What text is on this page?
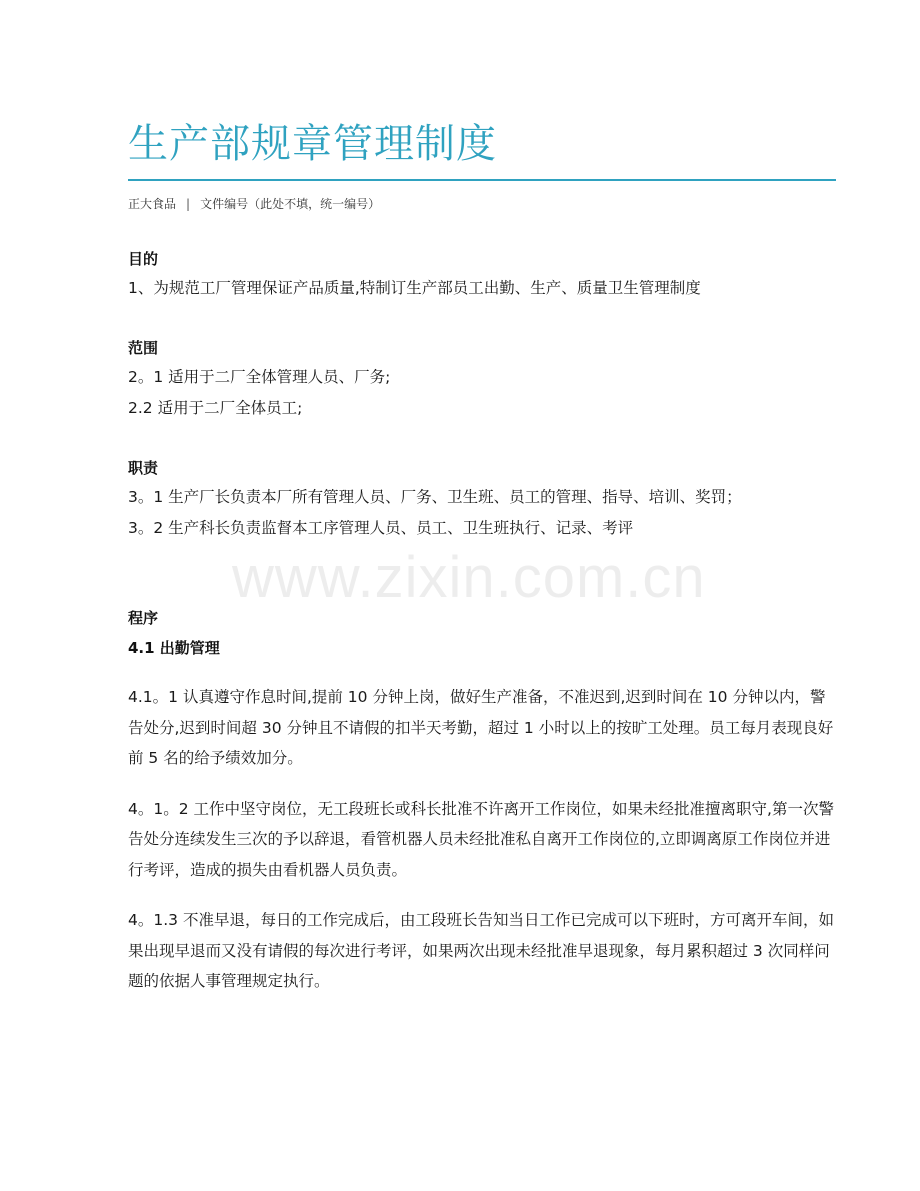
生产部规章管理制度
正大食品 | 文件编号（此处不填，统一编号）

目的

1、为规范工厂管理保证产品质量,特制订生产部员工出勤、生产、质量卫生管理制度

范围

2。1 适用于二厂全体管理人员、厂务;

2.2 适用于二厂全体员工;

职责

3。1 生产厂长负责本厂所有管理人员、厂务、卫生班、员工的管理、指导、培训、奖罚；

3。2 生产科长负责监督本工序管理人员、员工、卫生班执行、记录、考评

程序

4.1 出勤管理

4.1。1 认真遵守作息时间,提前 10 分钟上岗，做好生产准备，不准迟到,迟到时间在 10 分钟以内，警告处分,迟到时间超 30 分钟且不请假的扣半天考勤，超过 1 小时以上的按旷工处理。员工每月表现良好前 5 名的给予绩效加分。

4。1。2 工作中坚守岗位，无工段班长或科长批准不许离开工作岗位，如果未经批准擅离职守,第一次警告处分连续发生三次的予以辞退，看管机器人员未经批准私自离开工作岗位的,立即调离原工作岗位并进行考评，造成的损失由看机器人员负责。

4。1.3 不准早退，每日的工作完成后，由工段班长告知当日工作已完成可以下班时，方可离开车间，如果出现早退而又没有请假的每次进行考评，如果两次出现未经批准早退现象，每月累积超过 3 次同样问题的依据人事管理规定执行。

www.zixin.com.cn
